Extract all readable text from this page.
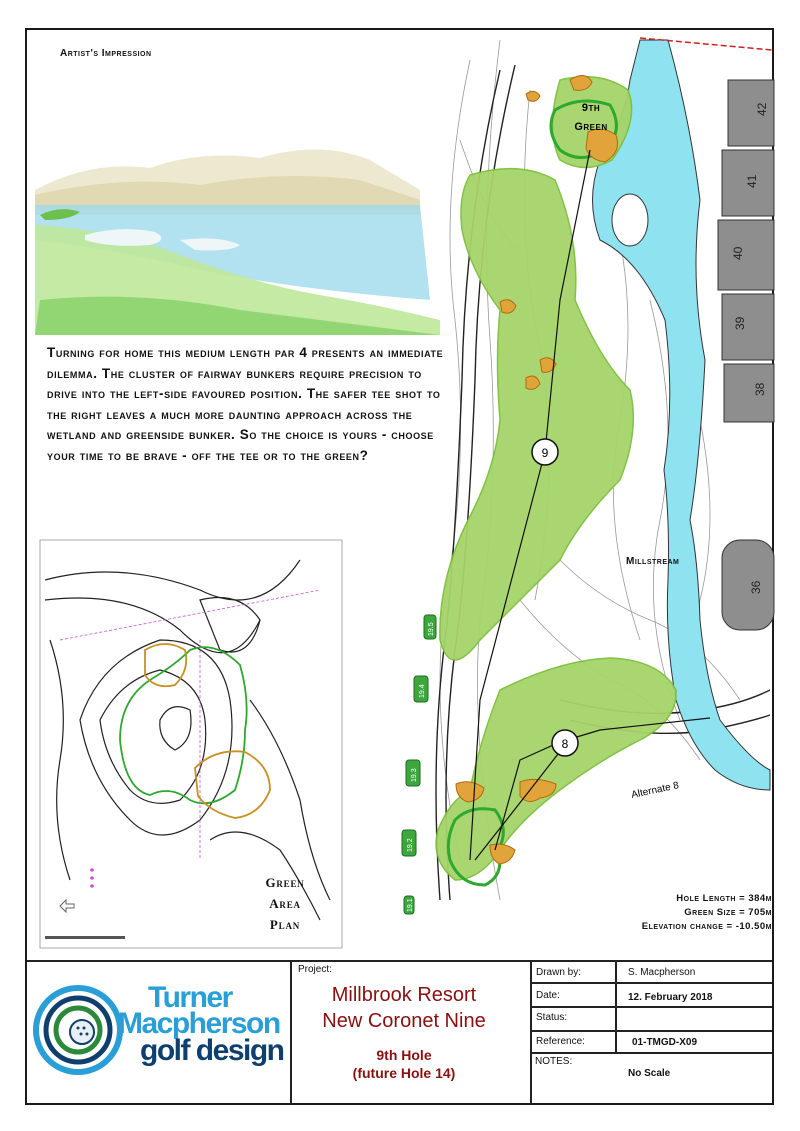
9
8
9th
Green
Alternate 8
42
41
40
39
38
36
19.5
19.4
19.3
19.2
19.1
Artist's Impression
Turning for home this medium length par 4 presents an immediate dilemma. The cluster of fairway bunkers require precision to drive into the left-side favoured position. The safer tee shot to the right leaves a much more daunting approach across the wetland and greenside bunker. So the choice is yours - choose your time to be brave - off the tee or to the green?
Millstream
Green
Area
Plan
Hole Length = 384m
Green Size = 705m
Elevation change = -10.50m
Turner
Macpherson
golf design
Project:
Millbrook Resort
New Coronet Nine
9th Hole
(future Hole 14)
Drawn by:	S. Macpherson
Date:	12. February 2018
Status:
Reference:	01-TMGD-X09
NOTES:
No Scale
